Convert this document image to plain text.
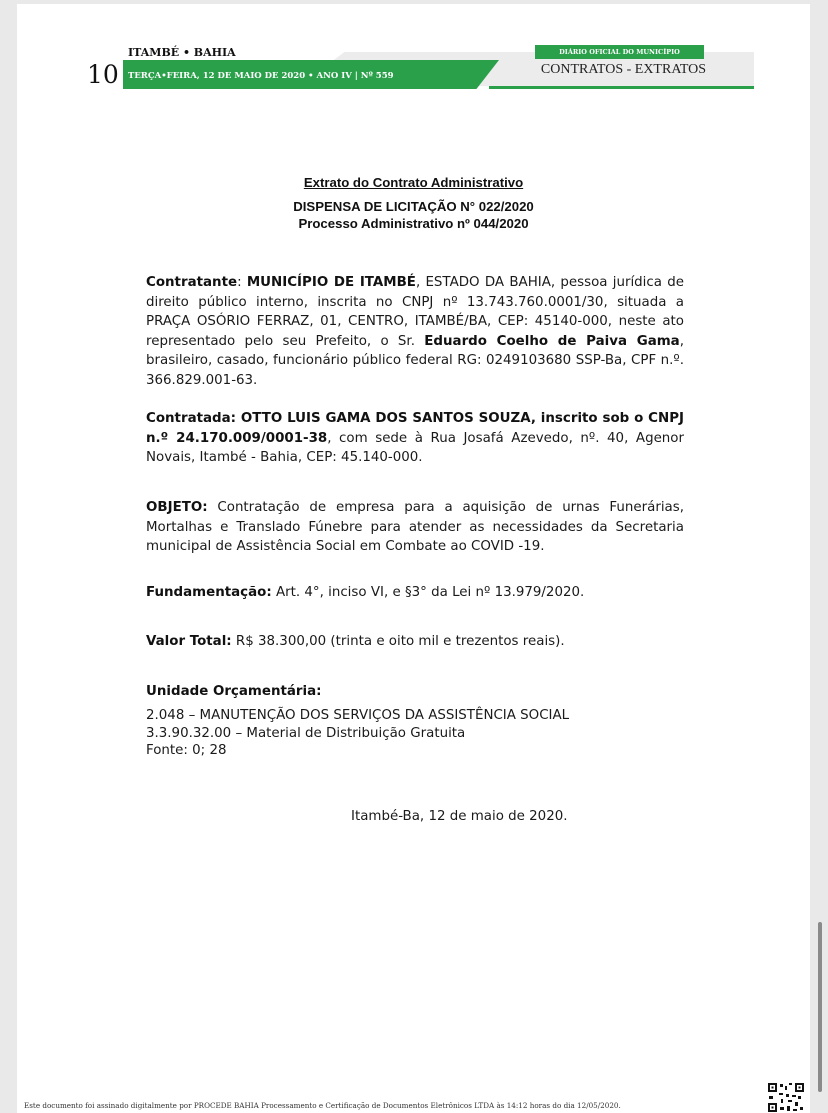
ITAMBÉ • BAHIA
10 TERÇA•FEIRA, 12 DE MAIO DE 2020 • ANO IV | Nº 559
DIÁRIO OFICIAL DO MUNICÍPIO
CONTRATOS - EXTRATOS
Extrato do Contrato Administrativo
DISPENSA DE LICITAÇÃO N° 022/2020
Processo Administrativo nº 044/2020

Contratante: MUNICÍPIO DE ITAMBÉ, ESTADO DA BAHIA, pessoa jurídica de direito público interno, inscrita no CNPJ nº 13.743.760.0001/30, situada a PRAÇA OSÓRIO FERRAZ, 01, CENTRO, ITAMBÉ/BA, CEP: 45140-000, neste ato representado pelo seu Prefeito, o Sr. Eduardo Coelho de Paiva Gama, brasileiro, casado, funcionário público federal RG: 0249103680 SSP-Ba, CPF n.º. 366.829.001-63.

Contratada: OTTO LUIS GAMA DOS SANTOS SOUZA, inscrito sob o CNPJ n.º 24.170.009/0001-38, com sede à Rua Josafá Azevedo, nº. 40, Agenor Novais, Itambé - Bahia, CEP: 45.140-000.

OBJETO: Contratação de empresa para a aquisição de urnas Funerárias, Mortalhas e Translado Fúnebre para atender as necessidades da Secretaria municipal de Assistência Social em Combate ao COVID -19.

Fundamentação: Art. 4°, inciso VI, e §3° da Lei nº 13.979/2020.

Valor Total: R$ 38.300,00 (trinta e oito mil e trezentos reais).

Unidade Orçamentária:

2.048 – MANUTENÇÃO DOS SERVIÇOS DA ASSISTÊNCIA SOCIAL
3.3.90.32.00 – Material de Distribuição Gratuita
Fonte: 0; 28
Itambé-Ba, 12 de maio de 2020.
Este documento foi assinado digitalmente por PROCEDE BAHIA Processamento e Certificação de Documentos Eletrônicos LTDA às 14:12 horas do dia 12/05/2020.
